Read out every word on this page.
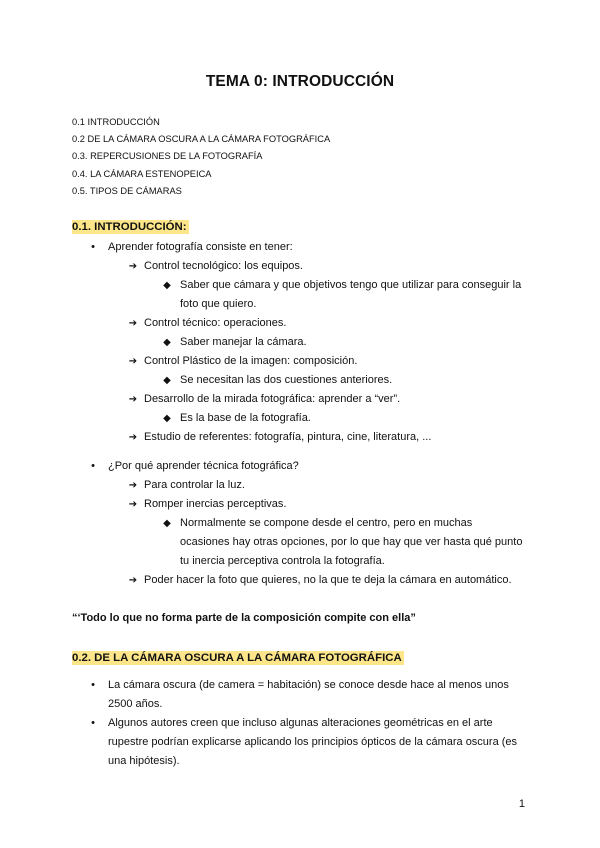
TEMA 0: INTRODUCCIÓN
0.1 INTRODUCCIÓN
0.2 DE LA CÁMARA OSCURA A LA CÁMARA FOTOGRÁFICA
0.3. REPERCUSIONES DE LA FOTOGRAFÍA
0.4. LA CÁMARA ESTENOPEICA
0.5. TIPOS DE CÁMARAS
0.1. INTRODUCCIÓN:
•	Aprender fotografía consiste en tener:
➔ Control tecnológico: los equipos.
◆ Saber que cámara y que objetivos tengo que utilizar para conseguir la
foto que quiero.
➔ Control técnico: operaciones.
◆ Saber manejar la cámara.
➔ Control Plástico de la imagen: composición.
◆ Se necesitan las dos cuestiones anteriores.
➔ Desarrollo de la mirada fotográfica: aprender a “ver”.
◆ Es la base de la fotografía.
➔ Estudio de referentes: fotografía, pintura, cine, literatura, ...
•	¿Por qué aprender técnica fotográfica?
➔ Para controlar la luz.
➔ Romper inercias perceptivas.
◆ Normalmente se compone desde el centro, pero en muchas
ocasiones hay otras opciones, por lo que hay que ver hasta qué punto
tu inercia perceptiva controla la fotografía.
➔ Poder hacer la foto que quieres, no la que te deja la cámara en automático.
“‘Todo lo que no forma parte de la composición compite con ella”
0.2. DE LA CÁMARA OSCURA A LA CÁMARA FOTOGRÁFICA
•	La cámara oscura (de camera = habitación) se conoce desde hace al menos unos
2500 años.
•	Algunos autores creen que incluso algunas alteraciones geométricas en el arte
rupestre podrían explicarse aplicando los principios ópticos de la cámara oscura (es
una hipótesis).
1
